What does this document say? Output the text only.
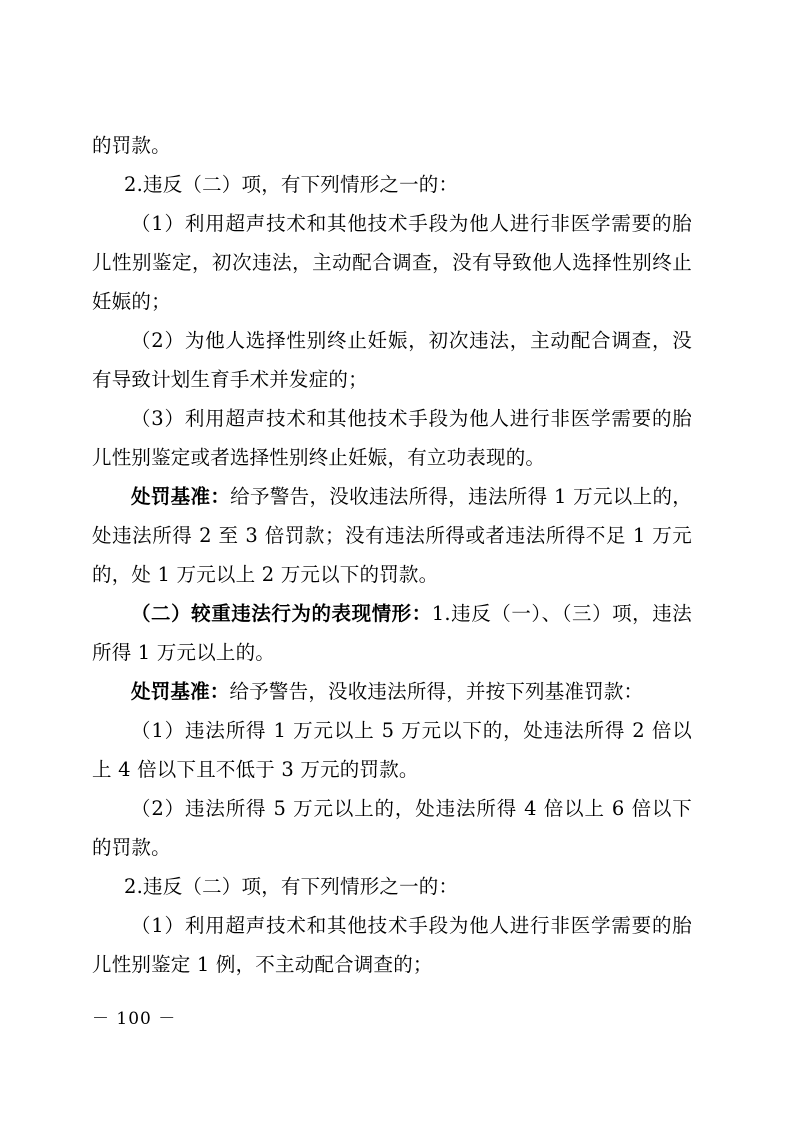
的罚款。

2.违反（二）项，有下列情形之一的：

（1）利用超声技术和其他技术手段为他人进行非医学需要的胎儿性别鉴定，初次违法，主动配合调查，没有导致他人选择性别终止妊娠的；

（2）为他人选择性别终止妊娠，初次违法，主动配合调查，没有导致计划生育手术并发症的；

（3）利用超声技术和其他技术手段为他人进行非医学需要的胎儿性别鉴定或者选择性别终止妊娠，有立功表现的。

处罚基准：给予警告，没收违法所得，违法所得 1 万元以上的，处违法所得 2 至 3 倍罚款；没有违法所得或者违法所得不足 1 万元的，处 1 万元以上 2 万元以下的罚款。

（二）较重违法行为的表现情形：1.违反（一）、（三）项，违法所得 1 万元以上的。

处罚基准：给予警告，没收违法所得，并按下列基准罚款：

（1）违法所得 1 万元以上 5 万元以下的，处违法所得 2 倍以上 4 倍以下且不低于 3 万元的罚款。

（2）违法所得 5 万元以上的，处违法所得 4 倍以上 6 倍以下的罚款。

2.违反（二）项，有下列情形之一的：

（1）利用超声技术和其他技术手段为他人进行非医学需要的胎儿性别鉴定 1 例，不主动配合调查的；

－ 100 －
